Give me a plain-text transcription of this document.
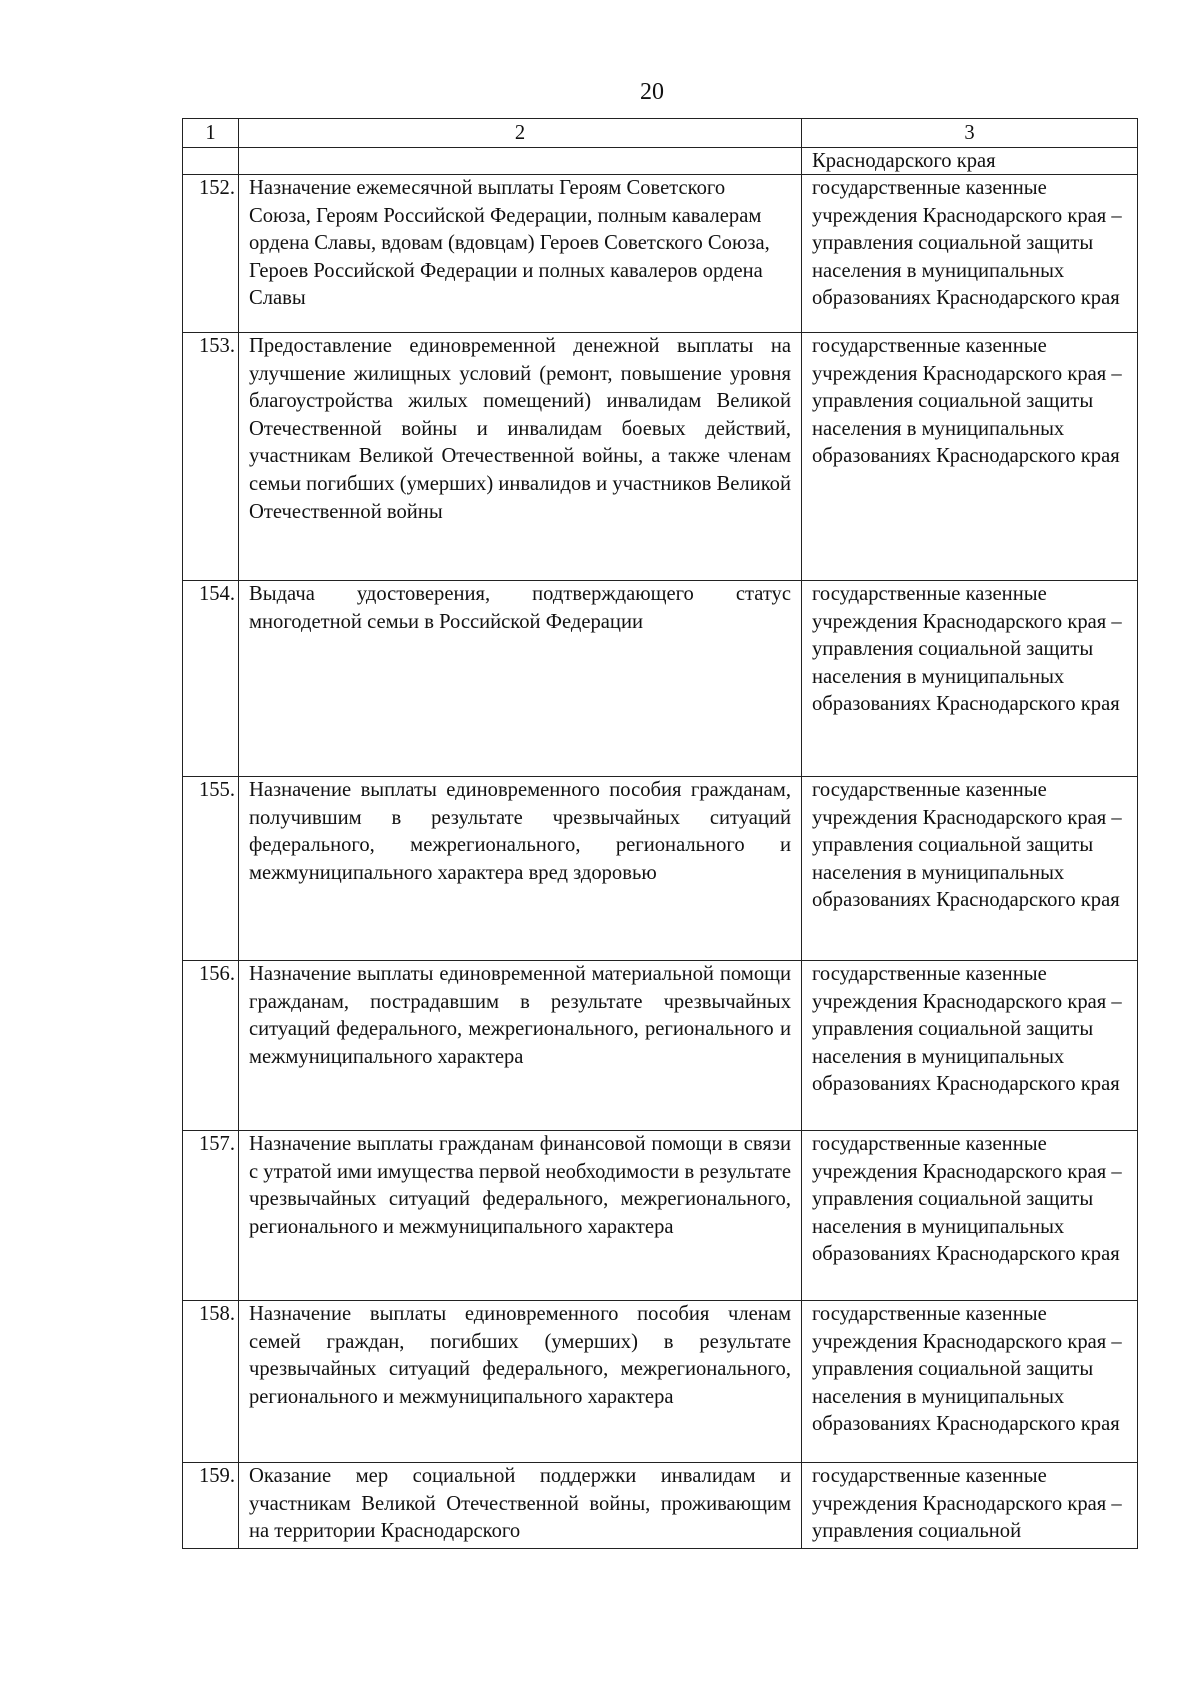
20
1	2	3
		Краснодарского края
152.	Назначение ежемесячной выплаты Героям Советского Союза, Героям Российской Федерации, полным кавалерам ордена Славы, вдовам (вдовцам) Героев Советского Союза, Героев Российской Федерации и полных кавалеров ордена Славы	государственные казенные учреждения Краснодарского края – управления социальной защиты населения в муниципальных образованиях Краснодарского края
153.	Предоставление единовременной денежной выплаты на улучшение жилищных условий (ремонт, повышение уровня благоустройства жилых помещений) инвалидам Великой Отечественной войны и инвалидам боевых действий, участникам Великой Отечественной войны, а также членам семьи погибших (умерших) инвалидов и участников Великой Отечественной войны	государственные казенные учреждения Краснодарского края – управления социальной защиты населения в муниципальных образованиях Краснодарского края
154.	Выдача удостоверения, подтверждающего статус многодетной семьи в Российской Федерации	государственные казенные учреждения Краснодарского края – управления социальной защиты населения в муниципальных образованиях Краснодарского края
155.	Назначение выплаты единовременного пособия гражданам, получившим в результате чрезвычайных ситуаций федерального, межрегионального, регионального и межмуниципального характера вред здоровью	государственные казенные учреждения Краснодарского края – управления социальной защиты населения в муниципальных образованиях Краснодарского края
156.	Назначение выплаты единовременной материальной помощи гражданам, пострадавшим в результате чрезвычайных ситуаций федерального, межрегионального, регионального и межмуниципального характера	государственные казенные учреждения Краснодарского края – управления социальной защиты населения в муниципальных образованиях Краснодарского края
157.	Назначение выплаты гражданам финансовой помощи в связи с утратой ими имущества первой необходимости в результате чрезвычайных ситуаций федерального, межрегионального, регионального и межмуниципального характера	государственные казенные учреждения Краснодарского края – управления социальной защиты населения в муниципальных образованиях Краснодарского края
158.	Назначение выплаты единовременного пособия членам семей граждан, погибших (умерших) в результате чрезвычайных ситуаций федерального, межрегионального, регионального и межмуниципального характера	государственные казенные учреждения Краснодарского края – управления социальной защиты населения в муниципальных образованиях Краснодарского края
159.	Оказание мер социальной поддержки инвалидам и участникам Великой Отечественной войны, проживающим на территории Краснодарского	государственные казенные учреждения Краснодарского края – управления социальной
